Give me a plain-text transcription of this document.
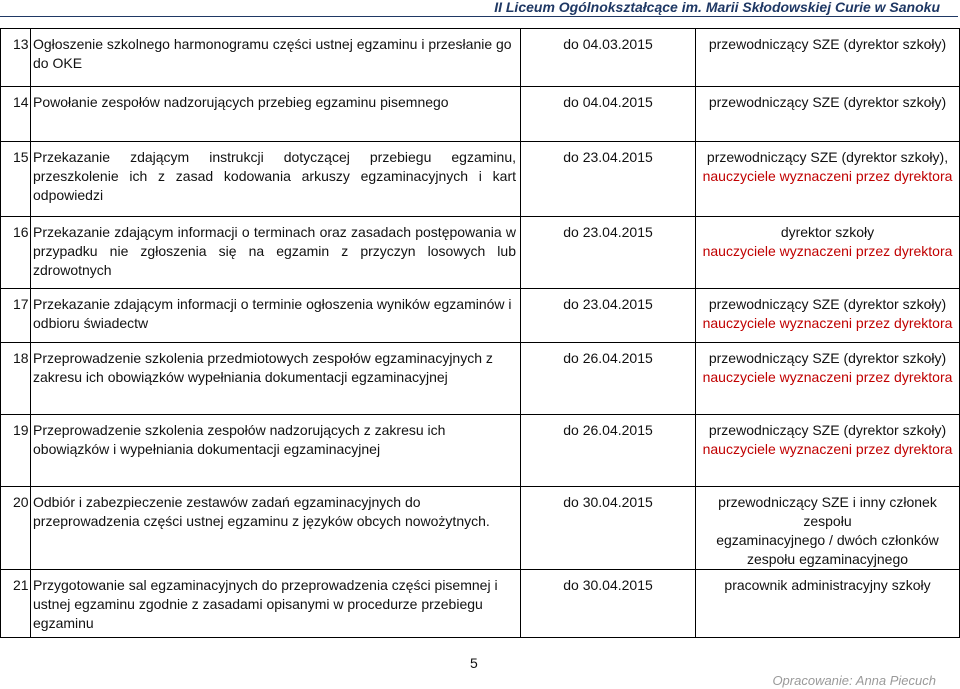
II Liceum Ogólnokształcące im. Marii Skłodowskiej Curie w Sanoku
13	Ogłoszenie szkolnego harmonogramu części ustnej egzaminu i przesłanie go do OKE	do 04.03.2015	przewodniczący SZE (dyrektor szkoły)

14	Powołanie zespołów nadzorujących przebieg egzaminu pisemnego	do 04.04.2015	przewodniczący SZE (dyrektor szkoły)

15	Przekazanie zdającym instrukcji dotyczącej przebiegu egzaminu, przeszkolenie ich z zasad kodowania arkuszy egzaminacyjnych i kart odpowiedzi	do 23.04.2015	przewodniczący SZE (dyrektor szkoły),
nauczyciele wyznaczeni przez dyrektora

16	Przekazanie zdającym informacji o terminach oraz zasadach postępowania w przypadku nie zgłoszenia się na egzamin z przyczyn losowych lub zdrowotnych	do 23.04.2015	dyrektor szkoły
nauczyciele wyznaczeni przez dyrektora

17	Przekazanie zdającym informacji o terminie ogłoszenia wyników egzaminów i odbioru świadectw	do 23.04.2015	przewodniczący SZE (dyrektor szkoły)
nauczyciele wyznaczeni przez dyrektora

18	Przeprowadzenie szkolenia przedmiotowych zespołów egzaminacyjnych z zakresu ich obowiązków wypełniania dokumentacji egzaminacyjnej	do 26.04.2015	przewodniczący SZE (dyrektor szkoły)
nauczyciele wyznaczeni przez dyrektora

19	Przeprowadzenie szkolenia zespołów nadzorujących z zakresu ich obowiązków i wypełniania dokumentacji egzaminacyjnej	do 26.04.2015	przewodniczący SZE (dyrektor szkoły)
nauczyciele wyznaczeni przez dyrektora

20	Odbiór i zabezpieczenie zestawów zadań egzaminacyjnych do przeprowadzenia części ustnej egzaminu z języków obcych nowożytnych.	do 30.04.2015	przewodniczący SZE i inny członek zespołu
egzaminacyjnego / dwóch członków
zespołu egzaminacyjnego

21	Przygotowanie sal egzaminacyjnych do przeprowadzenia części pisemnej i ustnej egzaminu zgodnie z zasadami opisanymi w procedurze przebiegu egzaminu	do 30.04.2015	pracownik administracyjny szkoły
5
Opracowanie: Anna Piecuch
